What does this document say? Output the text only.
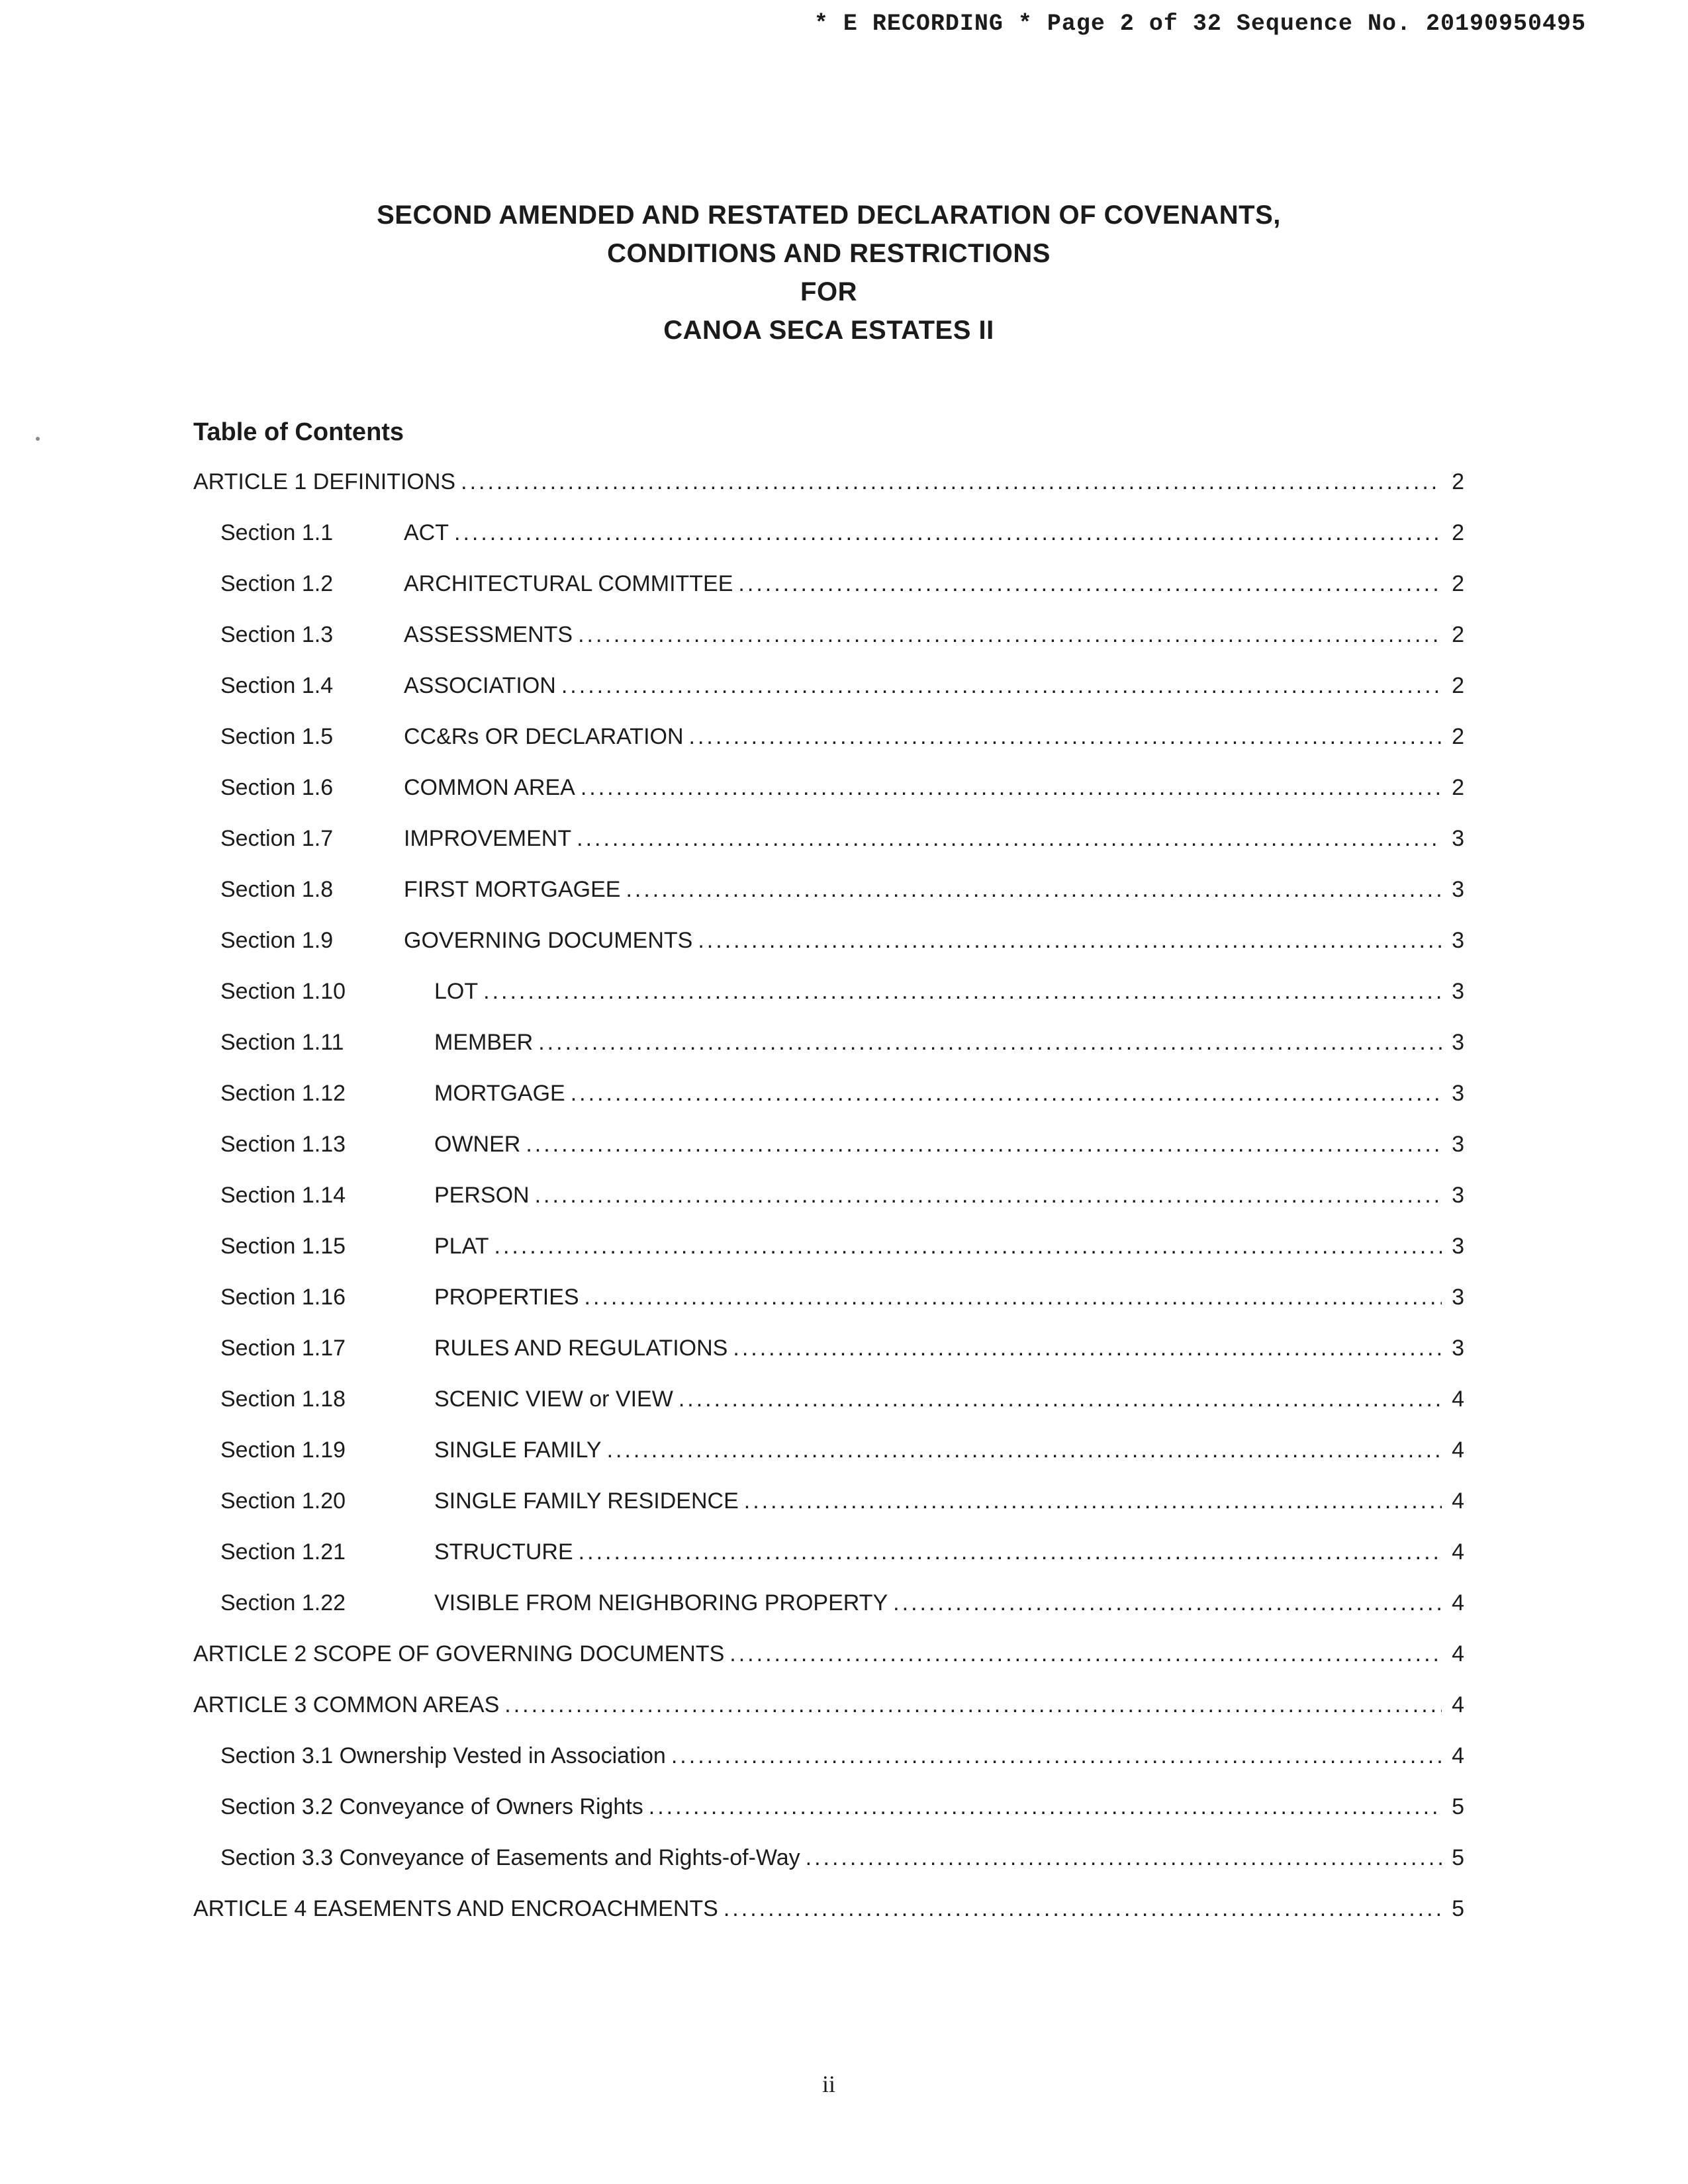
* E RECORDING * Page 2 of 32 Sequence No. 20190950495
SECOND AMENDED AND RESTATED DECLARATION OF COVENANTS,
CONDITIONS AND RESTRICTIONS
FOR
CANOA SECA ESTATES II
Table of Contents
ARTICLE 1 DEFINITIONS .....	2
Section 1.1	ACT .....	2
Section 1.2	ARCHITECTURAL COMMITTEE .....	2
Section 1.3	ASSESSMENTS .....	2
Section 1.4	ASSOCIATION .....	2
Section 1.5	CC&Rs OR DECLARATION .....	2
Section 1.6	COMMON AREA .....	2
Section 1.7	IMPROVEMENT .....	3
Section 1.8	FIRST MORTGAGEE .....	3
Section 1.9	GOVERNING DOCUMENTS .....	3
Section 1.10	LOT .....	3
Section 1.11	MEMBER .....	3
Section 1.12	MORTGAGE .....	3
Section 1.13	OWNER .....	3
Section 1.14	PERSON .....	3
Section 1.15	PLAT .....	3
Section 1.16	PROPERTIES .....	3
Section 1.17	RULES AND REGULATIONS .....	3
Section 1.18	SCENIC VIEW or VIEW .....	4
Section 1.19	SINGLE FAMILY .....	4
Section 1.20	SINGLE FAMILY RESIDENCE .....	4
Section 1.21	STRUCTURE .....	4
Section 1.22	VISIBLE FROM NEIGHBORING PROPERTY .....	4
ARTICLE 2 SCOPE OF GOVERNING DOCUMENTS .....	4
ARTICLE 3 COMMON AREAS .....	4
Section 3.1 Ownership Vested in Association .....	4
Section 3.2 Conveyance of Owners Rights .....	5
Section 3.3 Conveyance of Easements and Rights-of-Way .....	5
ARTICLE 4 EASEMENTS AND ENCROACHMENTS .....	5
ii
